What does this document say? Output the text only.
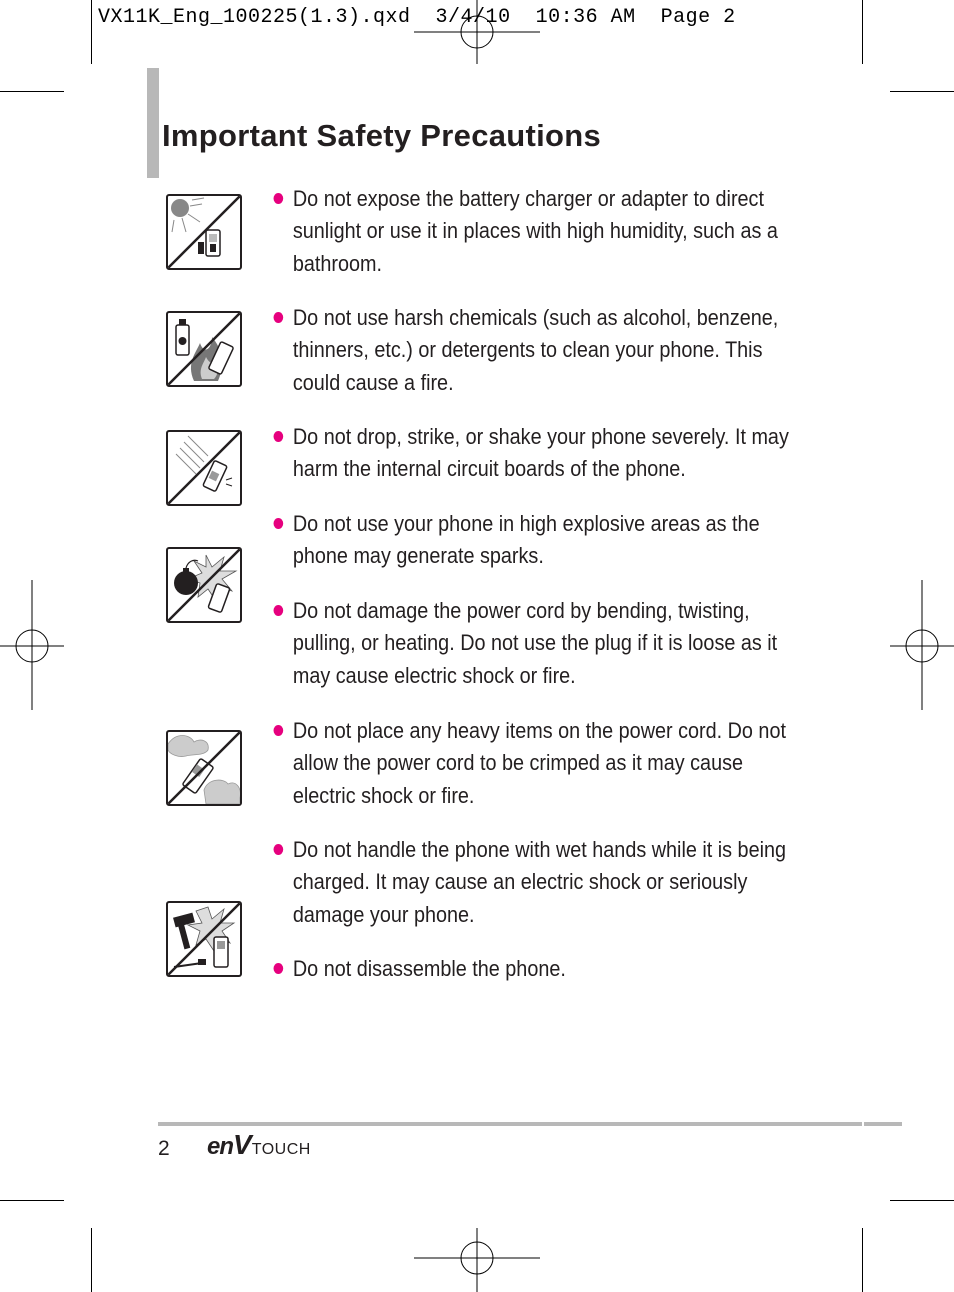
VX11K_Eng_100225(1.3).qxd  3/4/10  10:36 AM  Page 2
Important Safety Precautions
Do not expose the battery charger or adapter to direct sunlight or use it in places with high humidity, such as a bathroom.
Do not use harsh chemicals (such as alcohol, benzene, thinners, etc.) or detergents to clean your phone. This could cause a fire.
Do not drop, strike, or shake your phone severely. It may harm the internal circuit boards of the phone.
Do not use your phone in high explosive areas as the phone may generate sparks.
Do not damage the power cord by bending, twisting, pulling, or heating. Do not use the plug if it is loose as it may cause electric shock or fire.
Do not place any heavy items on the power cord. Do not allow the power cord to be crimped as it may cause electric shock or fire.
Do not handle the phone with wet hands while it is being charged. It may cause an electric shock or seriously damage your phone.
Do not disassemble the phone.
2 enVTOUCH
